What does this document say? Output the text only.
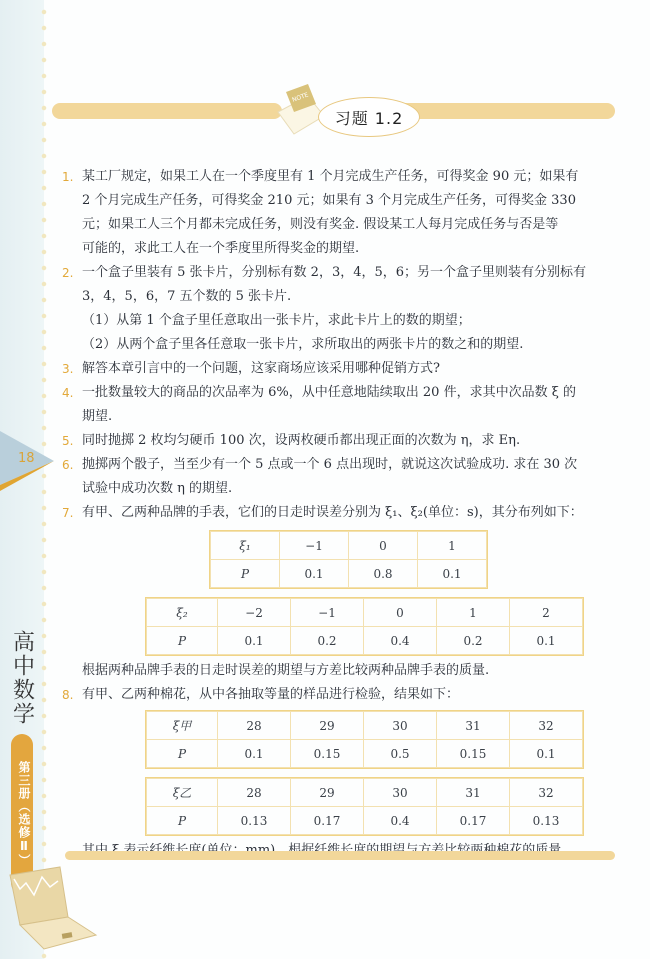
18
NOTE
习题 1.2
1. 某工厂规定，如果工人在一个季度里有 1 个月完成生产任务，可得奖金 90 元；如果有
2 个月完成生产任务，可得奖金 210 元；如果有 3 个月完成生产任务，可得奖金 330
元；如果工人三个月都未完成任务，则没有奖金. 假设某工人每月完成任务与否是等
可能的，求此工人在一个季度里所得奖金的期望.
2. 一个盒子里装有 5 张卡片，分别标有数 2，3，4，5，6；另一个盒子里则装有分别标有
3，4，5，6，7 五个数的 5 张卡片.
（1）从第 1 个盒子里任意取出一张卡片，求此卡片上的数的期望；
（2）从两个盒子里各任意取一张卡片，求所取出的两张卡片的数之和的期望.
3. 解答本章引言中的一个问题，这家商场应该采用哪种促销方式?
4. 一批数量较大的商品的次品率为 6%，从中任意地陆续取出 20 件，求其中次品数 ξ 的
期望.
5. 同时抛掷 2 枚均匀硬币 100 次，设两枚硬币都出现正面的次数为 η，求 Eη.
6. 抛掷两个骰子，当至少有一个 5 点或一个 6 点出现时，就说这次试验成功. 求在 30 次
试验中成功次数 η 的期望.
7. 有甲、乙两种品牌的手表，它们的日走时误差分别为 ξ₁、ξ₂(单位：s)，其分布列如下：
ξ₁	−1	0	1
P	0.1	0.8	0.1
ξ₂	−2	−1	0	1	2
P	0.1	0.2	0.4	0.2	0.1
根据两种品牌手表的日走时误差的期望与方差比较两种品牌手表的质量.
8. 有甲、乙两种棉花，从中各抽取等量的样品进行检验，结果如下：
ξ甲	28	29	30	31	32
P	0.1	0.15	0.5	0.15	0.1
ξ乙	28	29	30	31	32
P	0.13	0.17	0.4	0.17	0.13
高中数学
第三册（选修Ⅱ）
